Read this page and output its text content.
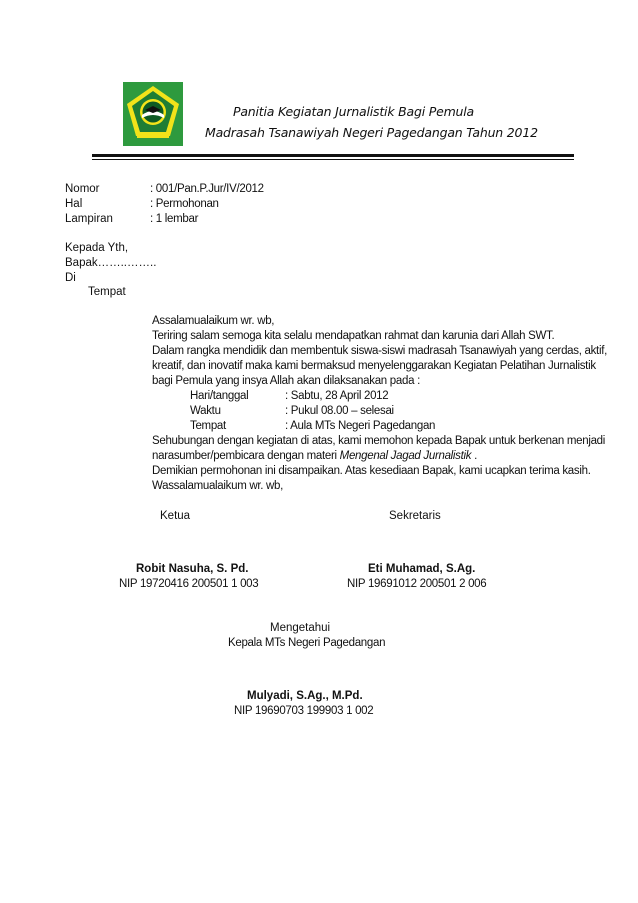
Panitia Kegiatan Jurnalistik Bagi Pemula
Madrasah Tsanawiyah Negeri Pagedangan Tahun 2012
Nomor	: 001/Pan.P.Jur/IV/2012
Hal	: Permohonan
Lampiran	: 1 lembar
Kepada Yth,
Bapak……..……..
Di
Tempat
Assalamualaikum wr. wb,
Teriring salam semoga kita selalu mendapatkan rahmat dan karunia dari Allah SWT.
Dalam rangka mendidik dan membentuk siswa-siswi madrasah Tsanawiyah yang cerdas, aktif,
kreatif, dan inovatif maka kami bermaksud menyelenggarakan Kegiatan Pelatihan Jurnalistik
bagi Pemula yang insya Allah akan dilaksanakan pada :
Hari/tanggal	: Sabtu, 28 April 2012
Waktu	: Pukul 08.00 – selesai
Tempat	: Aula MTs Negeri Pagedangan
Sehubungan dengan kegiatan di atas, kami memohon kepada Bapak untuk berkenan menjadi
narasumber/pembicara dengan materi Mengenal Jagad Jurnalistik .
Demikian permohonan ini disampaikan. Atas kesediaan Bapak, kami ucapkan terima kasih.
Wassalamualaikum wr. wb,
Ketua	Sekretaris
Robit Nasuha, S. Pd.
NIP 19720416 200501 1 003
Eti Muhamad, S.Ag.
NIP 19691012 200501 2 006
Mengetahui
Kepala MTs Negeri Pagedangan
Mulyadi, S.Ag., M.Pd.
NIP 19690703 199903 1 002
